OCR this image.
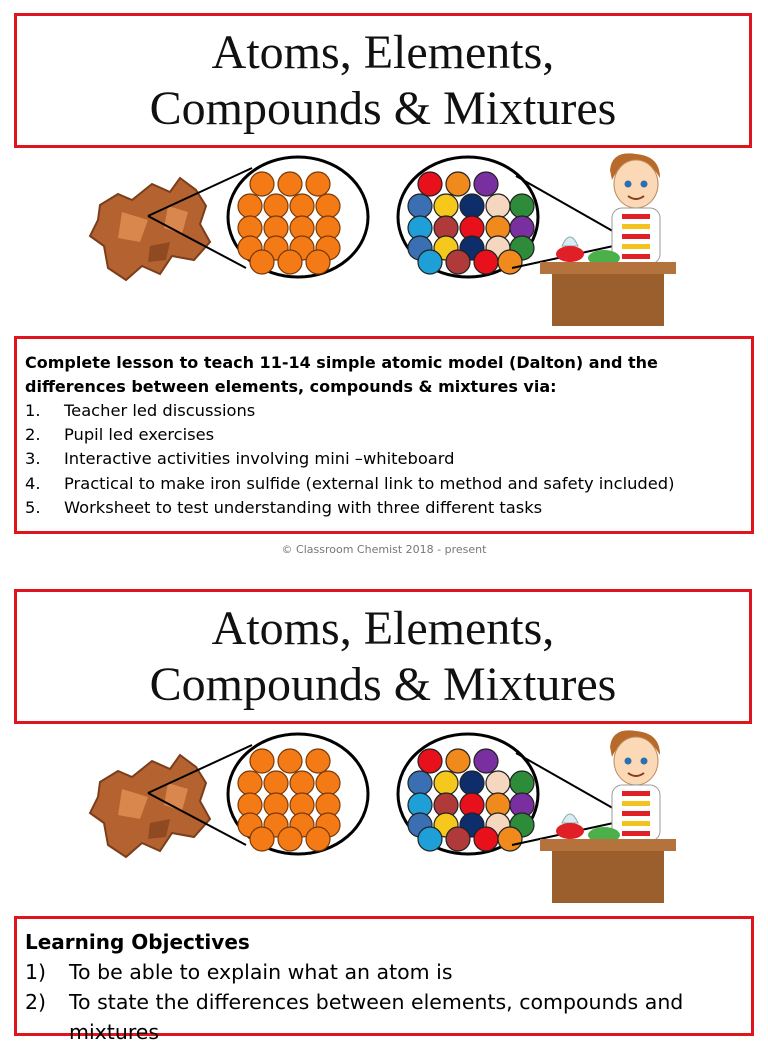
Atoms, Elements,
Compounds & Mixtures
Complete lesson to teach 11-14 simple atomic model (Dalton) and the differences between elements, compounds & mixtures via:
1.	Teacher led discussions
2.	Pupil led exercises
3.	Interactive activities involving mini –whiteboard
4.	Practical to make iron sulfide (external link to method and safety included)
5.	Worksheet to test understanding with three different tasks
© Classroom Chemist 2018 - present
Atoms, Elements,
Compounds & Mixtures
Learning Objectives
1)	To be able to explain what an atom is
2)	To state the differences between elements, compounds and mixtures
